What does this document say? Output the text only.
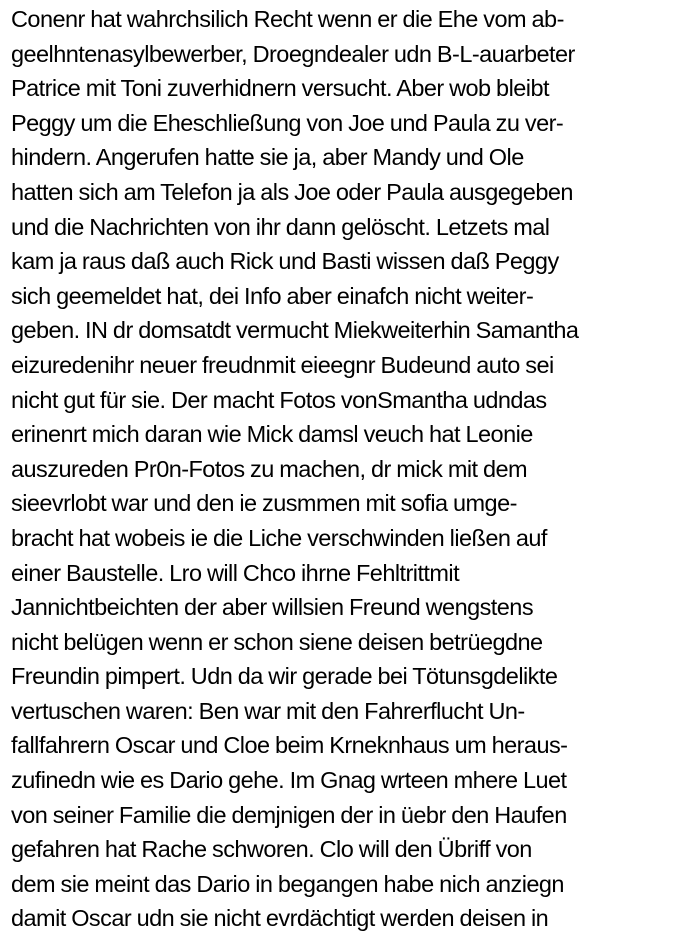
Conenr hat wahrchsilich Recht wenn er die Ehe vom ab-
geelhntenasylbewerber, Droegndealer udn B-L-auarbeter
Patrice mit Toni zuverhidnern versucht. Aber wob bleibt
Peggy um die Eheschließung von Joe und Paula zu ver-
hindern. Angerufen hatte sie ja, aber Mandy und Ole
hatten sich am Telefon ja als Joe oder Paula ausgegeben
und die Nachrichten von ihr dann gelöscht. Letzets mal
kam ja raus daß auch Rick und Basti wissen daß Peggy
sich geemeldet hat, dei Info aber einafch nicht weiter-
geben. IN dr domsatdt vermucht Miekweiterhin Samantha
eizuredenihr neuer freudnmit eieegnr Budeund auto sei
nicht gut für sie. Der macht Fotos vonSmantha udndas
erinenrt mich daran wie Mick damsl veuch hat Leonie
auszureden Pr0n-Fotos zu machen, dr mick mit dem
sieevrlobt war und den ie zusmmen mit sofia umge-
bracht hat wobeis ie die Liche verschwinden ließen auf
einer Baustelle. Lro will Chco ihrne Fehltrittmit
Jannichtbeichten der aber willsien Freund wengstens
nicht belügen wenn er schon siene deisen betrüegdne
Freundin pimpert. Udn da wir gerade bei Tötunsgdelikte
vertuschen waren: Ben war mit den Fahrerflucht Un-
fallfahrern Oscar und Cloe beim Krneknhaus um heraus-
zufinedn wie es Dario gehe. Im Gnag wrteen mhere Luet
von seiner Familie die demjnigen der in üebr den Haufen
gefahren hat Rache schworen. Clo will den Übriff von
dem sie meint das Dario in begangen habe nich anziegn
damit Oscar udn sie nicht evrdächtigt werden deisen in
